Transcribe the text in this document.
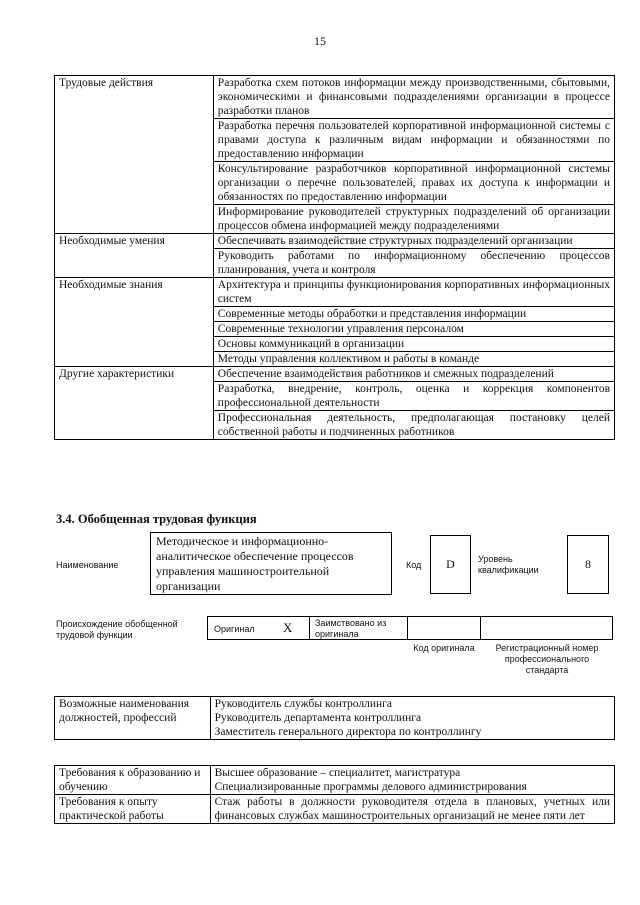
15
Трудовые действия	Разработка схем потоков информации между производственными, сбытовыми, экономическими и финансовыми подразделениями организации в процессе разработки планов
	Разработка перечня пользователей корпоративной информационной системы с правами доступа к различным видам информации и обязанностями по предоставлению информации
	Консультирование разработчиков корпоративной информационной системы организации о перечне пользователей, правах их доступа к информации и обязанностях по предоставлению информации
	Информирование руководителей структурных подразделений об организации процессов обмена информацией между подразделениями
Необходимые умения	Обеспечивать взаимодействие структурных подразделений организации
	Руководить работами по информационному обеспечению процессов планирования, учета и контроля
Необходимые знания	Архитектура и принципы функционирования корпоративных информационных систем
	Современные методы обработки и представления информации
	Современные технологии управления персоналом
	Основы коммуникаций в организации
	Методы управления коллективом и работы в команде
Другие характеристики	Обеспечение взаимодействия работников и смежных подразделений
	Разработка, внедрение, контроль, оценка и коррекция компонентов профессиональной деятельности
	Профессиональная деятельность, предполагающая постановку целей собственной работы и подчиненных работников
3.4. Обобщенная трудовая функция
Наименование
Методическое и информационно-аналитическое обеспечение процессов управления машиностроительной организации
Код D	Уровень квалификации	8
Происхождение обобщенной трудовой функции
Оригинал X	Заимствовано из оригинала
Код оригинала	Регистрационный номер профессионального стандарта
Возможные наименования должностей, профессий	
Руководитель службы контроллинга
Руководитель департамента контроллинга
Заместитель генерального директора по контроллингу
Требования к образованию и обучению	Высшее образование – специалитет, магистратура
Специализированные программы делового администрирования

Требования к опыту практической работы	Стаж работы в должности руководителя отдела в плановых, учетных или финансовых службах машиностроительных организаций не менее пяти лет
